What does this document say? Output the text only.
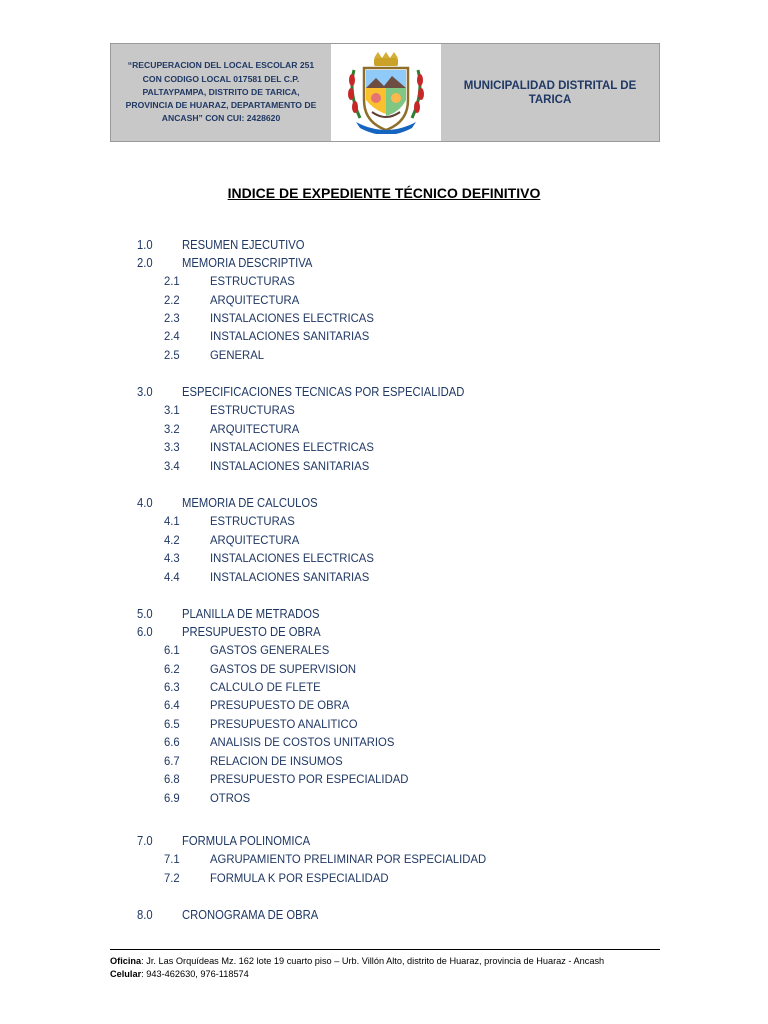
“RECUPERACION DEL LOCAL ESCOLAR 251 CON CODIGO LOCAL 017581 DEL C.P. PALTAYPAMPA, DISTRITO DE TARICA, PROVINCIA DE HUARAZ, DEPARTAMENTO DE ANCASH” CON CUI: 2428620
MUNICIPALIDAD DISTRITAL DE TARICA
INDICE DE EXPEDIENTE TÉCNICO DEFINITIVO
1.0 RESUMEN EJECUTIVO
2.0 MEMORIA DESCRIPTIVA
2.1 ESTRUCTURAS
2.2 ARQUITECTURA
2.3 INSTALACIONES ELECTRICAS
2.4 INSTALACIONES SANITARIAS
2.5 GENERAL
3.0 ESPECIFICACIONES TECNICAS POR ESPECIALIDAD
3.1 ESTRUCTURAS
3.2 ARQUITECTURA
3.3 INSTALACIONES ELECTRICAS
3.4 INSTALACIONES SANITARIAS
4.0 MEMORIA DE CALCULOS
4.1 ESTRUCTURAS
4.2 ARQUITECTURA
4.3 INSTALACIONES ELECTRICAS
4.4 INSTALACIONES SANITARIAS
5.0 PLANILLA DE METRADOS
6.0 PRESUPUESTO DE OBRA
6.1 GASTOS GENERALES
6.2 GASTOS DE SUPERVISION
6.3 CALCULO DE FLETE
6.4 PRESUPUESTO DE OBRA
6.5 PRESUPUESTO ANALITICO
6.6 ANALISIS DE COSTOS UNITARIOS
6.7 RELACION DE INSUMOS
6.8 PRESUPUESTO POR ESPECIALIDAD
6.9 OTROS
7.0 FORMULA POLINOMICA
7.1 AGRUPAMIENTO PRELIMINAR POR ESPECIALIDAD
7.2 FORMULA K POR ESPECIALIDAD
8.0 CRONOGRAMA DE OBRA
Oficina: Jr. Las Orquídeas Mz. 162 lote 19 cuarto piso – Urb. Villón Alto, distrito de Huaraz, provincia de Huaraz - Ancash
Celular: 943-462630, 976-118574
